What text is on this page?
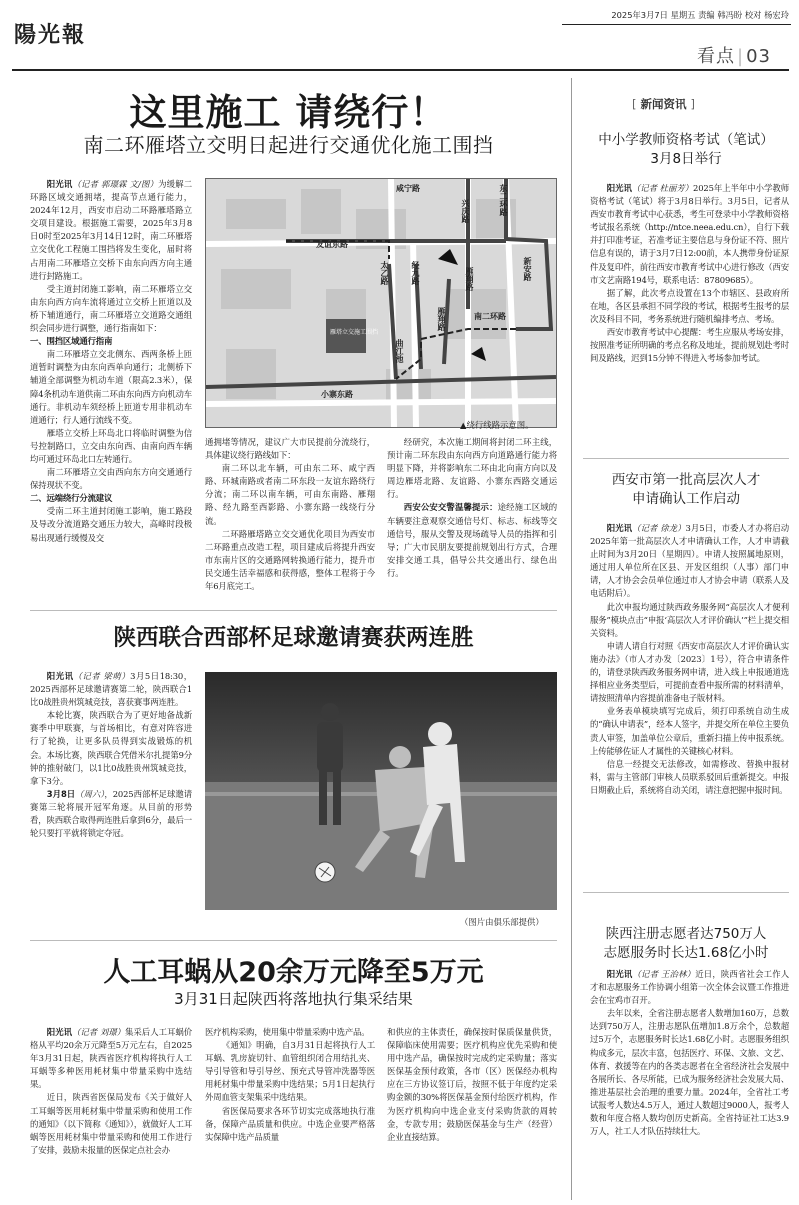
陽光報
2025年3月7日 星期五 责编 韩冯盼 校对 杨宏玲
看点 | 03
这里施工 请绕行！
南二环雁塔立交明日起进行交通优化施工围挡

阳光讯（记者 郭璟霖 文/图）为缓解二环路区域交通拥堵，提高节点通行能力，2024年12月，西安市启动二环路雁塔路立交项目建设。根据施工需要，2025年3月8日0时至2025年3月14日12时，南二环雁塔立交优化工程施工围挡将发生变化，届时将占用南二环雁塔立交桥下由东向西方向主通进行封路施工。

受主道封闭施工影响，南二环雁塔立交由东向西方向车流将通过立交桥上匝道以及桥下辅道通行，南二环雁塔立交道路交通组织会同步进行调整，通行指南如下：

一、围挡区域通行指南

南二环雁塔立交北侧东、西两条桥上匝道暂时调整为由东向西单向通行；北侧桥下辅道全部调整为机动车道（限高2.3米），保障4条机动车道供南二环由东向西方向机动车通行。非机动车须经桥上匝道专用非机动车道通行；行人通行流线不变。

雁塔立交桥上环岛北口将临时调整为信号控制路口，立交由东向西、由南向西车辆均可通过环岛北口左转通行。

南二环雁塔立交由西向东方向交通通行保持现状不变。

二、远端绕行分流建议

受南二环主道封闭施工影响，施工路段及导改分流道路交通压力较大，高峰时段极易出现通行缓慢及交

咸宁路
友谊东路
兴庆路	东二环路
太乙路	经九路	雁翔路	新安路
雁塔立交施工围挡
曲江池
雁翔路	南二环路
小寨东路
▲绕行线路示意图。

通拥堵等情况，建议广大市民提前分流绕行，具体建议绕行路线如下：

南二环以北车辆，可由东二环、咸宁西路、环城南路或者南二环东段一友谊东路绕行分流；南二环以南车辆，可由东南路、雁翔路、经九路至西影路、小寨东路一线绕行分流。

二环路雁塔路立交交通优化项目为西安市二环路重点改造工程，项目建成后将提升西安市东南片区的交通路网转换通行能力，提升市民交通生活幸福感和获得感，整体工程将于今年6月底完工。

经研究，本次施工期间将封闭二环主线，预计南二环东段由东向西方向道路通行能力将明显下降，并将影响东二环由北向南方向以及周边雁塔北路、友谊路、小寨东西路交通运行。

西安公安交警温馨提示：途经施工区域的车辆要注意观察交通信号灯、标志、标线等交通信号，服从交警及现场疏导人员的指挥和引导；广大市民朋友要提前规划出行方式，合理安排交通工具，倡导公共交通出行、绿色出行。

陕西联合西部杯足球邀请赛获两连胜

阳光讯（记者 梁萌）3月5日18:30，2025西部杯足球邀请赛第二轮，陕西联合1比0战胜贵州筑城竞技，喜获赛事两连胜。

本轮比赛，陕西联合为了更好地备战新赛季中甲联赛，与首场相比，有意对阵容进行了轮换，让更多队员得到实战锻炼的机会。本场比赛，陕西联合凭借米尔扎提第9分钟的推射破门，以1比0战胜贵州筑城竞技，拿下3分。

3月8日（周六），2025西部杯足球邀请赛第三轮将展开冠军角逐。从目前的形势看，陕西联合取得两连胜后拿到6分，最后一轮只要打平就将锁定夺冠。

（图片由俱乐部提供）
人工耳蜗从20余万元降至5万元
3月31日起陕西将落地执行集采结果

阳光讯（记者 刘璟）集采后人工耳蜗价格从平均20余万元降至5万元左右，自2025年3月31日起，陕西省医疗机构将执行人工耳蜗等多种医用耗材集中带量采购中选结果。

近日，陕西省医保局发布《关于做好人工耳蜗等医用耗材集中带量采购和使用工作的通知》（以下简称《通知》），就做好人工耳蜗等医用耗材集中带量采购和使用工作进行了安排，鼓励未报量的医保定点社会办

医疗机构采购，使用集中带量采购中选产品。

《通知》明确，自3月31日起将执行人工耳蜗、乳房旋切针、血管组织闭合用结扎夹、导引导管和导引导丝、预充式导管冲洗器等医用耗材集中带量采购中选结果；5月1日起执行外周血管支架集采中选结果。

省医保局要求各环节切实完成落地执行准备，保障产品质量和供应。中选企业要严格落实保障中选产品质量

和供应的主体责任，确保按时保质保量供货，保障临床使用需要；医疗机构应优先采购和使用中选产品，确保按时完成约定采购量；落实医保基金预付政策，各市（区）医保经办机构应在三方协议签订后，按照不低于年度约定采购金额的30%将医保基金预付给医疗机构，作为医疗机构向中选企业支付采购货款的周转金，专款专用；鼓励医保基金与生产（经营）企业直接结算。

[ 新闻资讯 ]
中小学教师资格考试（笔试）
3月8日举行

阳光讯（记者 杜丽芳）2025年上半年中小学教师资格考试（笔试）将于3月8日举行。3月5日，记者从西安市教育考试中心获悉，考生可登录中小学教师资格考试报名系统（http://ntce.neea.edu.cn），自行下载并打印准考证，若准考证主要信息与身份证不符、照片信息有误的，请于3月7日12:00前，本人携带身份证原件及复印件，前往西安市教育考试中心进行修改（西安市文艺南路194号，联系电话：87809685）。

据了解，此次考点设置在13个市辖区、县政府所在地，各区县承担不同学段的考试，根据考生报考的层次及科目不同，考务系统进行随机编排考点、考场。

西安市教育考试中心提醒：考生应服从考场安排，按照准考证所明确的考点名称及地址，提前规划赴考时间及路线，迟到15分钟不得进入考场参加考试。

西安市第一批高层次人才
申请确认工作启动

阳光讯（记者 徐龙）3月5日，市委人才办将启动2025年第一批高层次人才申请确认工作，人才申请截止时间为3月20日（星期四）。申请人按照属地原则，通过用人单位所在区县、开发区组织（人事）部门申请，人才协会会员单位通过市人才协会申请（联系人及电话附后）。

此次申报均通过陕西政务服务网“高层次人才便利服务”模块点击“申报‘高层次人才评价确认’”栏上提交相关资料。

申请人请自行对照《西安市高层次人才评价确认实施办法》（市人才办发〔2023〕1号），符合申请条件的，请登录陕西政务服务网申请，进入线上申报通道选择相应业务类型后，可提前查看申报所需的材料清单，请按照清单内容提前准备电子版材料。

业务表单模块填写完成后，须打印系统自动生成的“确认申请表”，经本人签字，并提交所在单位主要负责人审签，加盖单位公章后，重新扫描上传申报系统。上传能够佐证人才属性的关键核心材料。

信息一经提交无法修改，如需修改、替换申报材料，需与主管部门审核人员联系驳回后重新提交。申报日期截止后，系统将自动关闭，请注意把握申报时间。

陕西注册志愿者达750万人
志愿服务时长达1.68亿小时

阳光讯（记者 王治林）近日，陕西省社会工作人才和志愿服务工作协调小组第一次全体会议暨工作推进会在宝鸡市召开。

去年以来，全省注册志愿者人数增加160万，总数达到750万人，注册志愿队伍增加1.8万余个，总数超过5万个，志愿服务时长达1.68亿小时。志愿服务组织构成多元，层次丰富，包括医疗、环保、文旅、文艺、体育、救援等在内的各类志愿者在全省经济社会发展中各展所长、各尽所能，已成为服务经济社会发展大局、推进基层社会治理的重要力量。2024年，全省社工考试报考人数达4.5万人，通过人数超过9000人，报考人数和年度合格人数均创历史新高。全省持证社工达3.9万人，社工人才队伍持续壮大。
